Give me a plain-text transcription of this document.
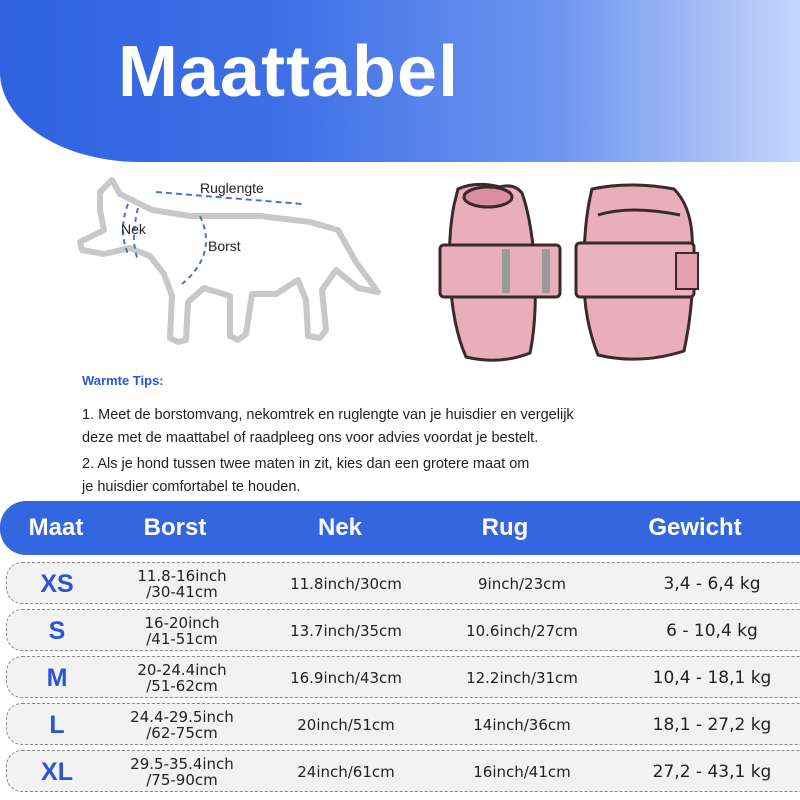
Maattabel
Ruglengte
Nek
Borst
Warmte Tips:
1. Meet de borstomvang, nekomtrek en ruglengte van je huisdier en vergelijk
deze met de maattabel of raadpleeg ons voor advies voordat je bestelt.
2. Als je hond tussen twee maten in zit, kies dan een grotere maat om
je huisdier comfortabel te houden.
Maat	Borst	Nek	Rug	Gewicht
XS	11.8-16inch
/30-41cm	11.8inch/30cm	9inch/23cm	3,4 - 6,4 kg
S	16-20inch
/41-51cm	13.7inch/35cm	10.6inch/27cm	6 - 10,4 kg
M	20-24.4inch
/51-62cm	16.9inch/43cm	12.2inch/31cm	10,4 - 18,1 kg
L	24.4-29.5inch
/62-75cm	20inch/51cm	14inch/36cm	18,1 - 27,2 kg
XL	29.5-35.4inch
/75-90cm	24inch/61cm	16inch/41cm	27,2 - 43,1 kg
